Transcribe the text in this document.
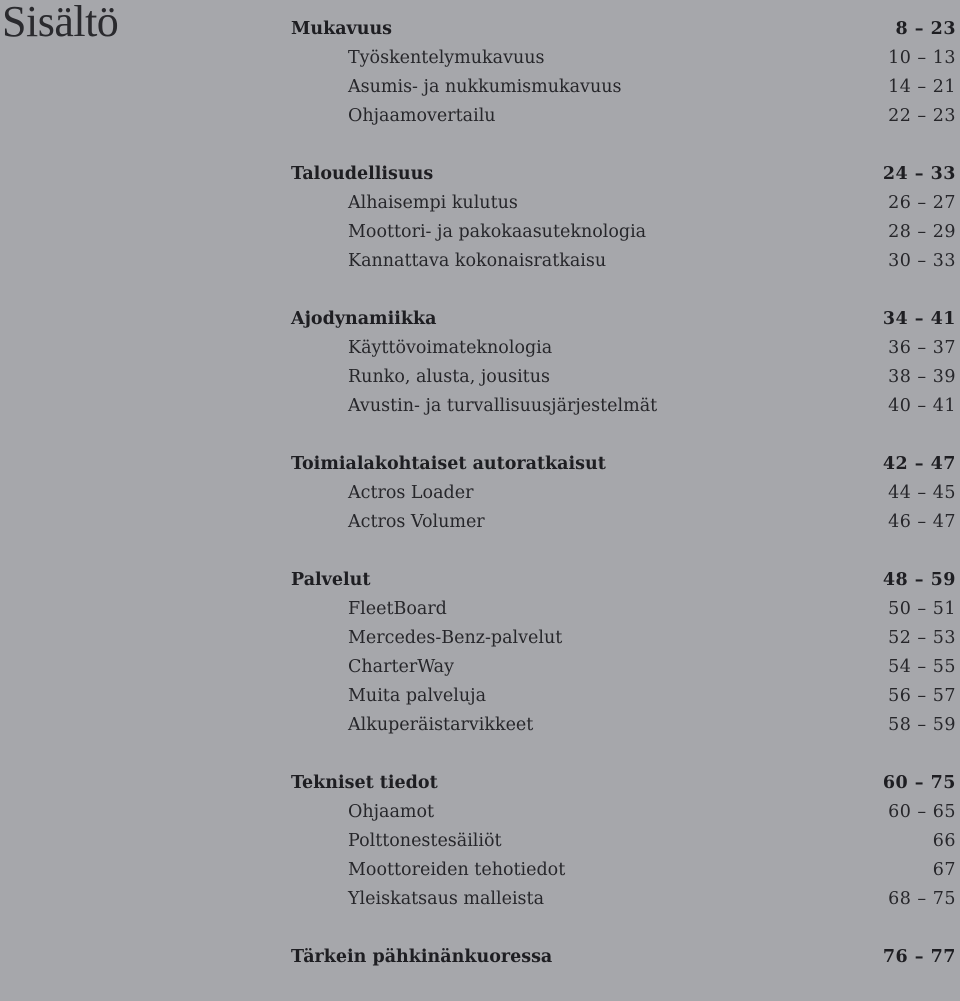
Sisältö	Mukavuus	8 – 23
Työskentelymukavuus	10 – 13
Asumis- ja nukkumismukavuus	14 – 21
Ohjaamovertailu	22 – 23
Taloudellisuus	24 – 33
Alhaisempi kulutus	26 – 27
Moottori- ja pakokaasuteknologia	28 – 29
Kannattava kokonaisratkaisu	30 – 33
Ajodynamiikka	34 – 41
Käyttövoimateknologia	36 – 37
Runko, alusta, jousitus	38 – 39
Avustin- ja turvallisuusjärjestelmät	40 – 41
Toimialakohtaiset autoratkaisut	42 – 47
Actros Loader	44 – 45
Actros Volumer	46 – 47
Palvelut	48 – 59
FleetBoard	50 – 51
Mercedes-Benz-palvelut	52 – 53
CharterWay	54 – 55
Muita palveluja	56 – 57
Alkuperäistarvikkeet	58 – 59
Tekniset tiedot	60 – 75
Ohjaamot	60 – 65
Polttonestesäiliöt	66
Moottoreiden tehotiedot	67
Yleiskatsaus malleista	68 – 75
Tärkein pähkinänkuoressa	76 – 77
